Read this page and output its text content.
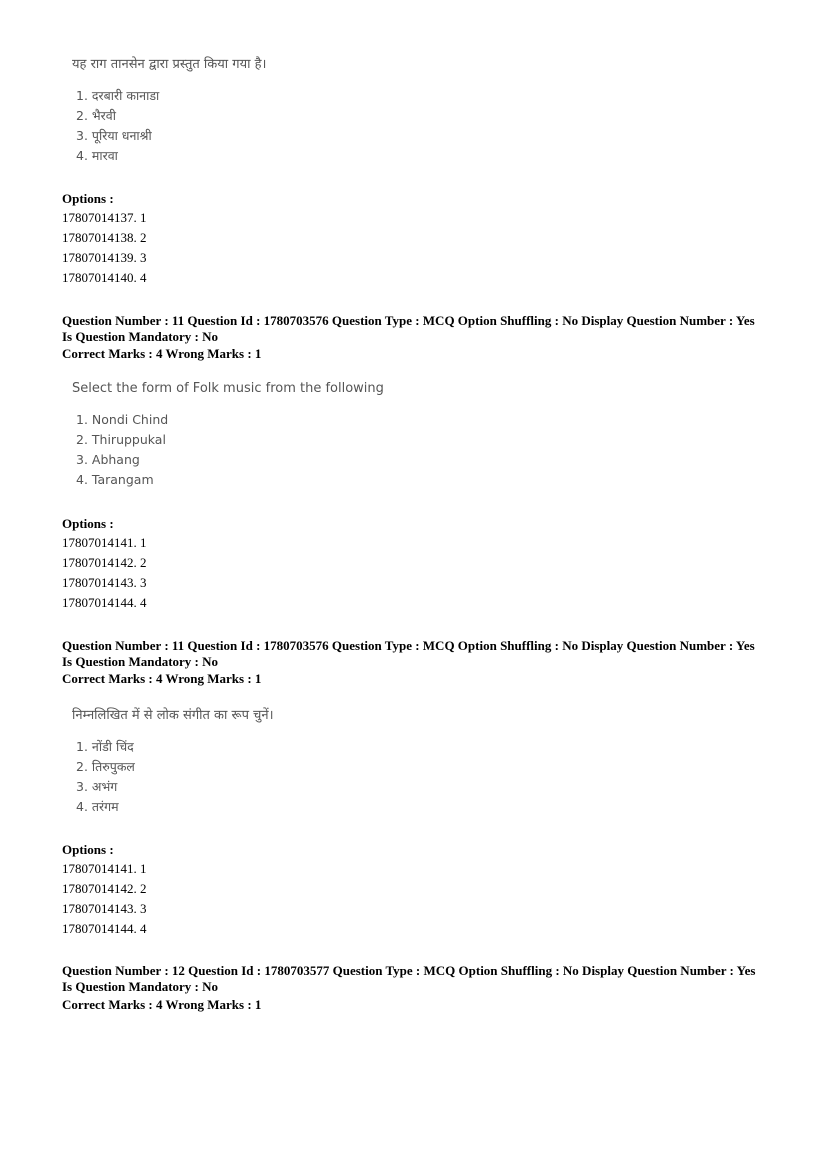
यह राग तानसेन द्वारा प्रस्तुत किया गया है।
1. दरबारी कानाडा
2. भैरवी
3. पूरिया धनाश्री
4. मारवा
Options :
17807014137. 1
17807014138. 2
17807014139. 3
17807014140. 4
Question Number : 11 Question Id : 1780703576 Question Type : MCQ Option Shuffling : No Display Question Number : Yes
Is Question Mandatory : No
Correct Marks : 4 Wrong Marks : 1
Select the form of Folk music from the following
1. Nondi Chind
2. Thiruppukal
3. Abhang
4. Tarangam
Options :
17807014141. 1
17807014142. 2
17807014143. 3
17807014144. 4
Question Number : 11 Question Id : 1780703576 Question Type : MCQ Option Shuffling : No Display Question Number : Yes
Is Question Mandatory : No
Correct Marks : 4 Wrong Marks : 1
निम्नलिखित में से लोक संगीत का रूप चुनें।
1. नोंडी चिंद
2. तिरुपुकल
3. अभंग
4. तरंगम
Options :
17807014141. 1
17807014142. 2
17807014143. 3
17807014144. 4
Question Number : 12 Question Id : 1780703577 Question Type : MCQ Option Shuffling : No Display Question Number : Yes
Is Question Mandatory : No
Correct Marks : 4 Wrong Marks : 1
